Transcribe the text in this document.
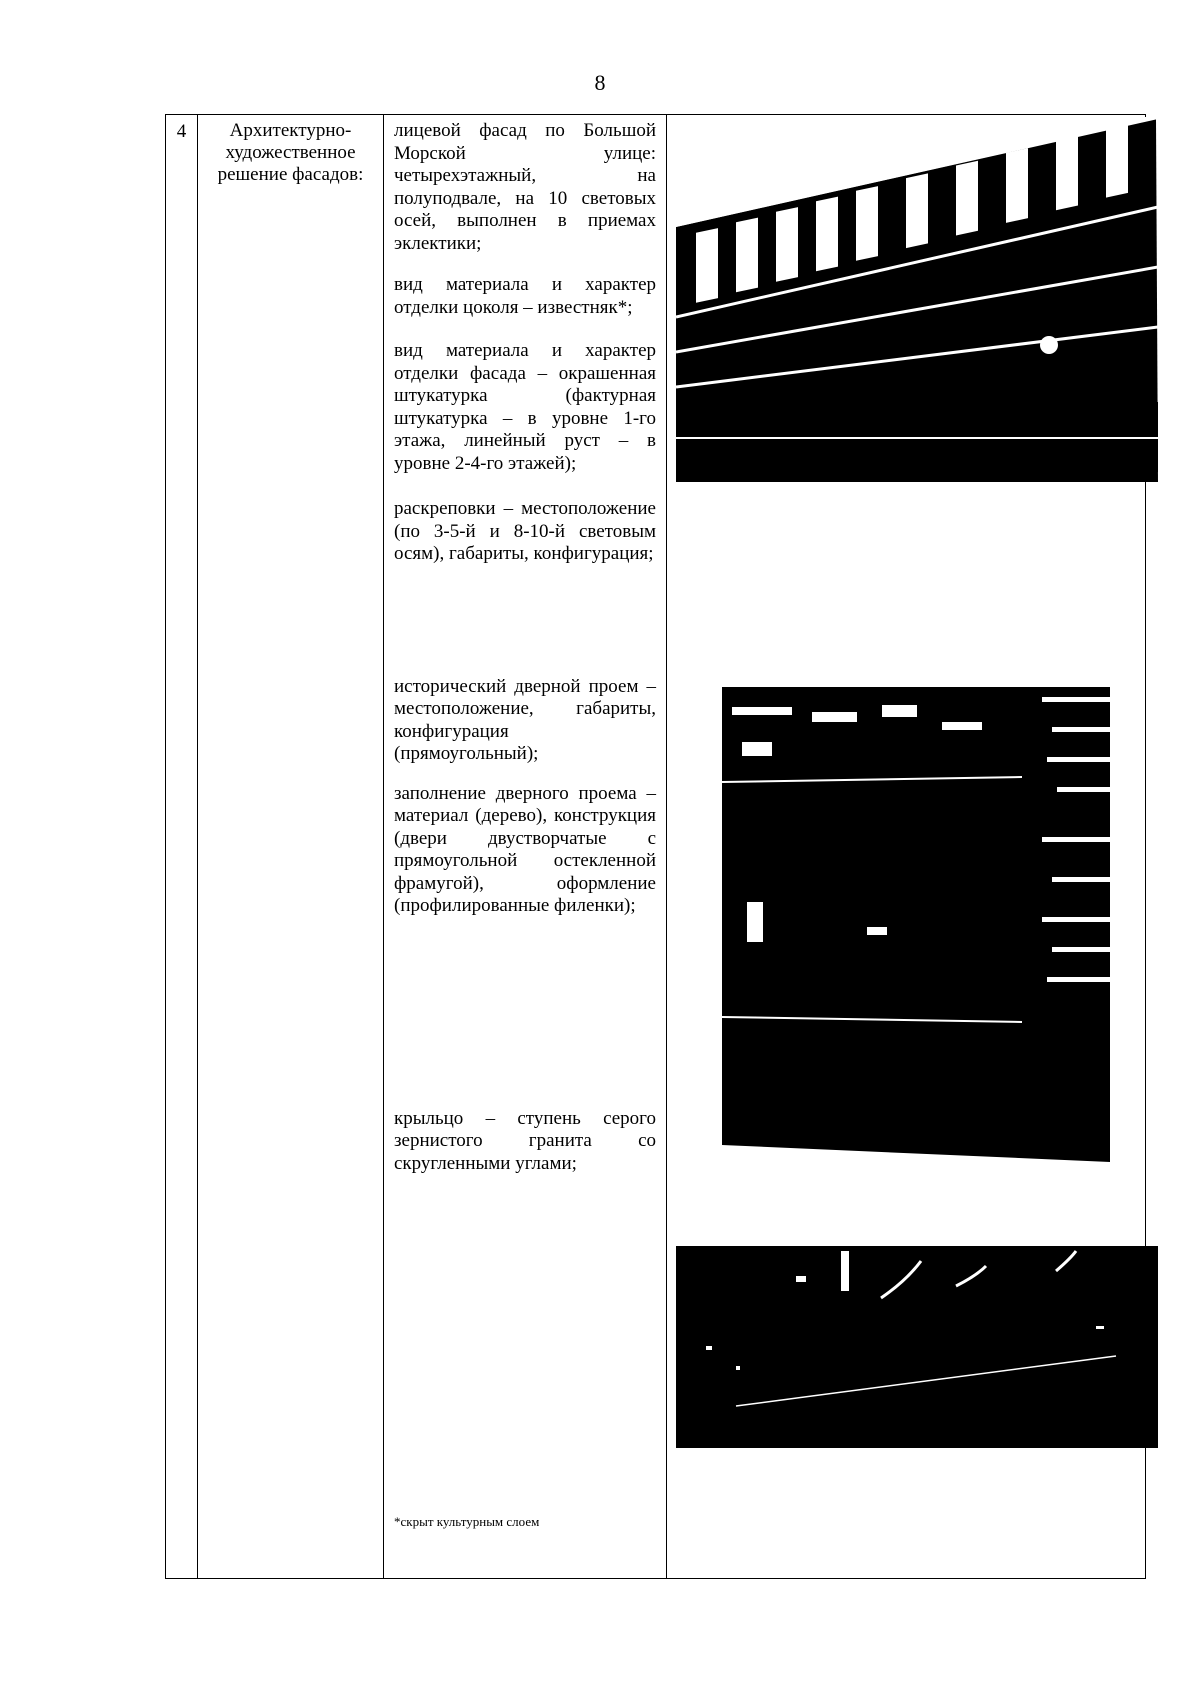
8
4	Архитектурно-художественное решение фасадов:	
лицевой фасад по Большой Морской улице: четырехэтажный, на полуподвале, на 10 световых осей, выполнен в приемах эклектики;
вид материала и характер отделки цоколя – известняк*;
вид материала и характер отделки фасада – окрашенная штукатурка (фактурная штукатурка – в уровне 1-го этажа, линейный руст – в уровне 2-4-го этажей);
раскреповки – местоположение (по 3-5-й и 8-10-й световым осям), габариты, конфигурация;
исторический дверной проем – местоположение, габариты, конфигурация (прямоугольный);
заполнение дверного проема – материал (дерево), конструкция (двери двустворчатые с прямоугольной остекленной фрамугой), оформление (профилированные филенки);
крыльцо – ступень серого зернистого гранита со скругленными углами;
*скрыт культурным слоем
